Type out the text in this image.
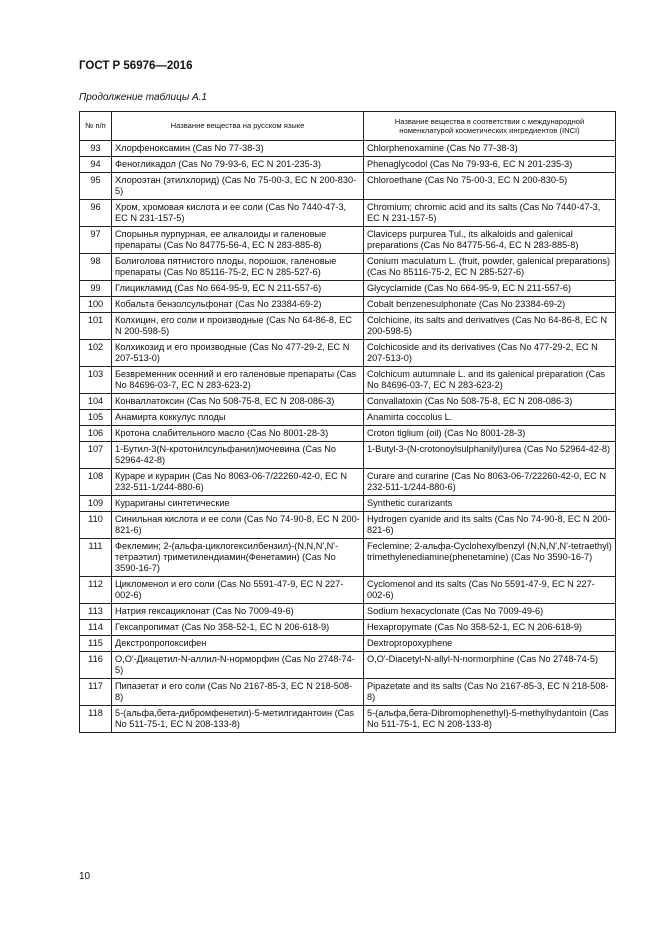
ГОСТ Р 56976—2016
Продолжение таблицы А.1
№ п/п	Название вещества на русском языке	Название вещества в соответствии с международной номенклатурой косметических ингредиентов (INCI)
93	Хлорфеноксамин (Cas No 77-38-3)	Chlorphenoxamine (Cas No 77-38-3)
94	Феногликадол (Cas No 79-93-6, EC N 201-235-3)	Phenaglycodol (Cas No 79-93-6, EC N 201-235-3)
95	Хлороэтан (этилхлорид) (Cas No 75-00-3, EC N 200-830-5)	Chloroethane (Cas No 75-00-3, EC N 200-830-5)
96	Хром, хромовая кислота и ее соли (Cas No 7440-47-3, EC N 231-157-5)	Chromium; chromic acid and its salts (Cas No 7440-47-3, EC N 231-157-5)
97	Спорынья пурпурная, ее алкалоиды и галеновые препараты (Cas No 84775-56-4, EC N 283-885-8)	Claviceps purpurea Tul., its alkaloids and galenical preparations (Cas No 84775-56-4, EC N 283-885-8)
98	Болиголова пятнистого плоды, порошок, галеновые препараты (Cas No 85116-75-2, EC N 285-527-6)	Conium maculatum L. (fruit, powder, galenical preparations) (Cas No 85116-75-2, EC N 285-527-6)
99	Глицикламид (Cas No 664-95-9, EC N 211-557-6)	Glycyclamide (Cas No 664-95-9, EC N 211-557-6)
100	Кобальта бензолсульфонат (Cas No 23384-69-2)	Cobalt benzenesulphonate (Cas No 23384-69-2)
101	Колхицин, его соли и производные (Cas No 64-86-8, EC N 200-598-5)	Colchicine, its salts and derivatives (Cas No 64-86-8, EC N 200-598-5)
102	Колхикозид и его производные (Cas No 477-29-2, EC N 207-513-0)	Colchicoside and its derivatives (Cas No 477-29-2, EC N 207-513-0)
103	Безвременник осенний и его галеновые препараты (Cas No 84696-03-7, EC N 283-623-2)	Colchicum autumnale L. and its galenical preparation (Cas No 84696-03-7, EC N 283-623-2)
104	Конваллатоксин (Cas No 508-75-8, EC N 208-086-3)	Convallatoxin (Cas No 508-75-8, EC N 208-086-3)
105	Анамирта коккулус плоды	Anamirta coccolus L.
106	Кротона слабительного масло (Cas No 8001-28-3)	Croton tiglium (oil) (Cas No 8001-28-3)
107	1-Бутил-3(N-кротонилсульфанил)мочевина (Cas No 52964-42-8)	1-Butyl-3-(N-crotonoylsulphanilyl)urea (Cas No 52964-42-8)
108	Кураре и курарин (Cas No 8063-06-7/22260-42-0, EC N 232-511-1/244-880-6)	Curare and curarine (Cas No 8063-06-7/22260-42-0, EC N 232-511-1/244-880-6)
109	Курариганы синтетические	Synthetic curarizants
110	Синильная кислота и ее соли (Cas No 74-90-8, EC N 200-821-6)	Hydrogen cyanide and its salts (Cas No 74-90-8, EC N 200-821-6)
111	Феклемин; 2-(альфа-циклогексилбензил)-(N,N,N',N'-тетраэтил) триметилендиамин(Фенетамин) (Cas No 3590-16-7)	Feclemine; 2-альфа-Cyclohexylbenzyl (N,N,N',N'-tetraethyl) trimethylenediamine(phenetamine) (Cas No 3590-16-7)
112	Цикломенол и его соли (Cas No 5591-47-9, EC N 227-002-6)	Cyclomenol and its salts (Cas No 5591-47-9, EC N 227-002-6)
113	Натрия гексациклонат (Cas No 7009-49-6)	Sodium hexacyclonate (Cas No 7009-49-6)
114	Гексапропимат (Cas No 358-52-1, EC N 206-618-9)	Hexapropymate (Cas No 358-52-1, EC N 206-618-9)
115	Декстропропоксифен	Dextropropoxyphene
116	О,О'-Диацетил-N-аллил-N-норморфин (Cas No 2748-74-5)	O,O'-Diacetyl-N-allyl-N-normorphine (Cas No 2748-74-5)
117	Пипазетат и его соли (Cas No 2167-85-3, EC N 218-508-8)	Pipazetate and its salts (Cas No 2167-85-3, EC N 218-508-8)
118	5-(альфа,бета-дибромфенетил)-5-метилгидантоин (Cas No 511-75-1, EC N 208-133-8)	5-(альфа,бета-Dibromophenethyl)-5-methylhydantoin (Cas No 511-75-1, EC N 208-133-8)
10
